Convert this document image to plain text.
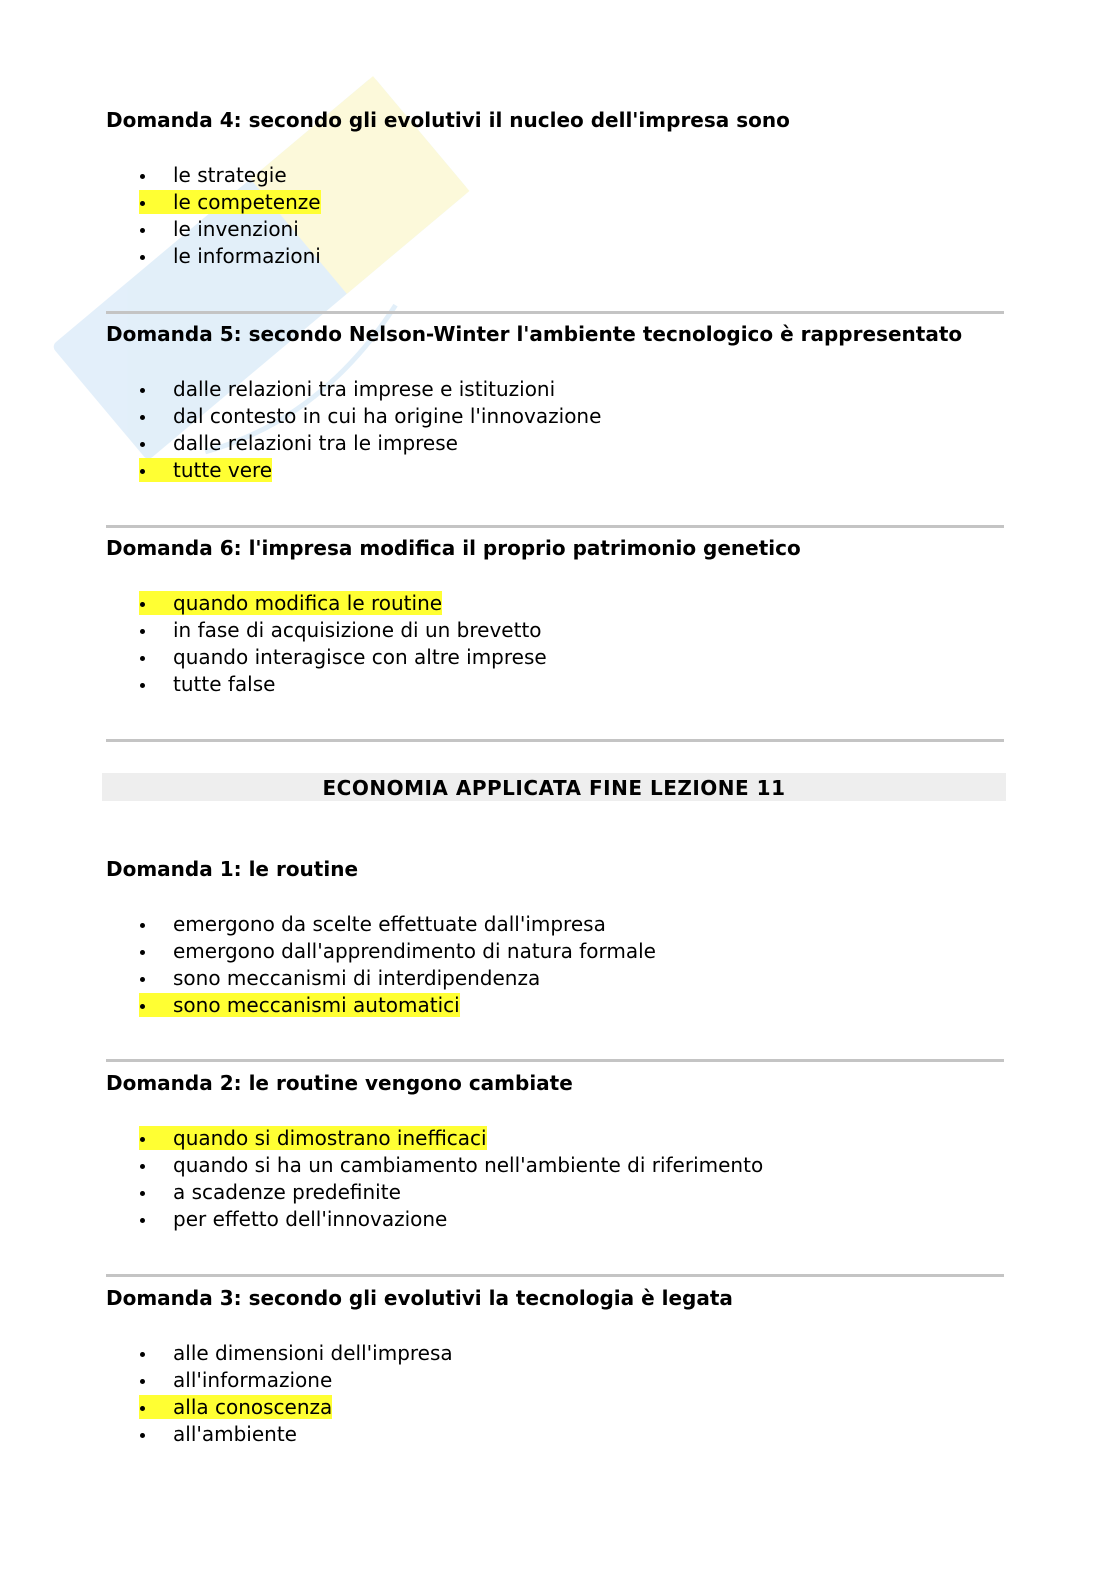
Domanda 4: secondo gli evolutivi il nucleo dell'impresa sono

le strategie
le competenze
le invenzioni
le informazioni

Domanda 5: secondo Nelson-Winter l'ambiente tecnologico è rappresentato

dalle relazioni tra imprese e istituzioni
dal contesto in cui ha origine l'innovazione
dalle relazioni tra le imprese
tutte vere

Domanda 6: l'impresa modifica il proprio patrimonio genetico

quando modifica le routine
in fase di acquisizione di un brevetto
quando interagisce con altre imprese
tutte false
ECONOMIA APPLICATA FINE LEZIONE 11

Domanda 1: le routine

emergono da scelte effettuate dall'impresa
emergono dall'apprendimento di natura formale
sono meccanismi di interdipendenza
sono meccanismi automatici

Domanda 2: le routine vengono cambiate

quando si dimostrano inefficaci
quando si ha un cambiamento nell'ambiente di riferimento
a scadenze predefinite
per effetto dell'innovazione

Domanda 3: secondo gli evolutivi la tecnologia è legata

alle dimensioni dell'impresa
all'informazione
alla conoscenza
all'ambiente
